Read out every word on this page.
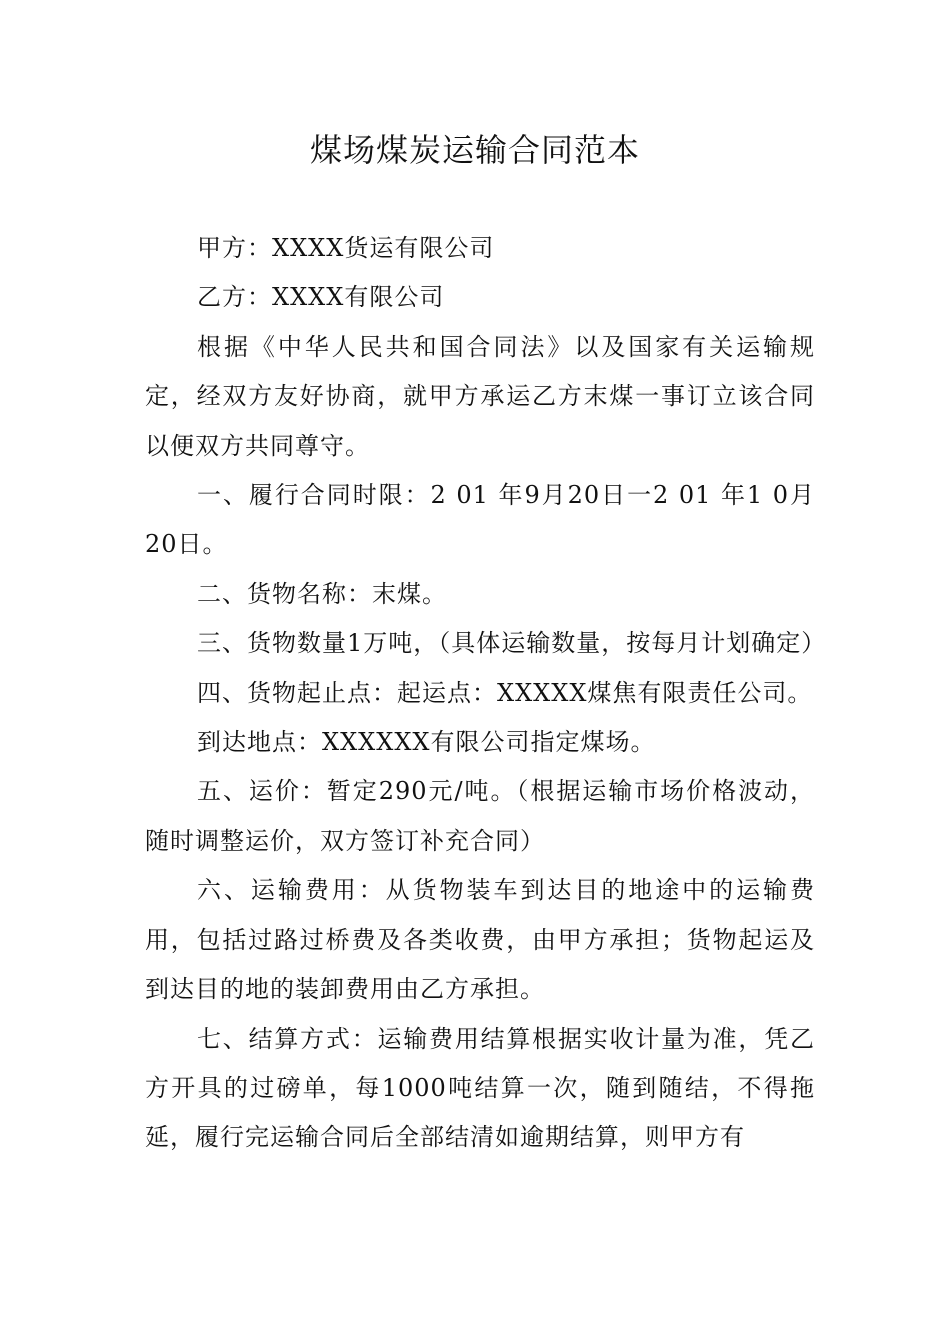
煤场煤炭运输合同范本

甲方：XXXX货运有限公司

乙方：XXXX有限公司

根据《中华人民共和国合同法》以及国家有关运输规定，经双方友好协商，就甲方承运乙方末煤一事订立该合同以便双方共同尊守。

一、履行合同时限：2 01 年9月20日一2 01 年1 0月20日。

二、货物名称：末煤。

三、货物数量1万吨，（具体运输数量，按每月计划确定）

四、货物起止点：起运点：XXXXX煤焦有限责任公司。

到达地点：XXXXXX有限公司指定煤场。

五、运价：暂定290元/吨。（根据运输市场价格波动，随时调整运价，双方签订补充合同）

六、运输费用：从货物装车到达目的地途中的运输费用，包括过路过桥费及各类收费，由甲方承担；货物起运及到达目的地的装卸费用由乙方承担。

七、结算方式：运输费用结算根据实收计量为准，凭乙方开具的过磅单，每1000吨结算一次，随到随结，不得拖延，履行完运输合同后全部结清如逾期结算，则甲方有
